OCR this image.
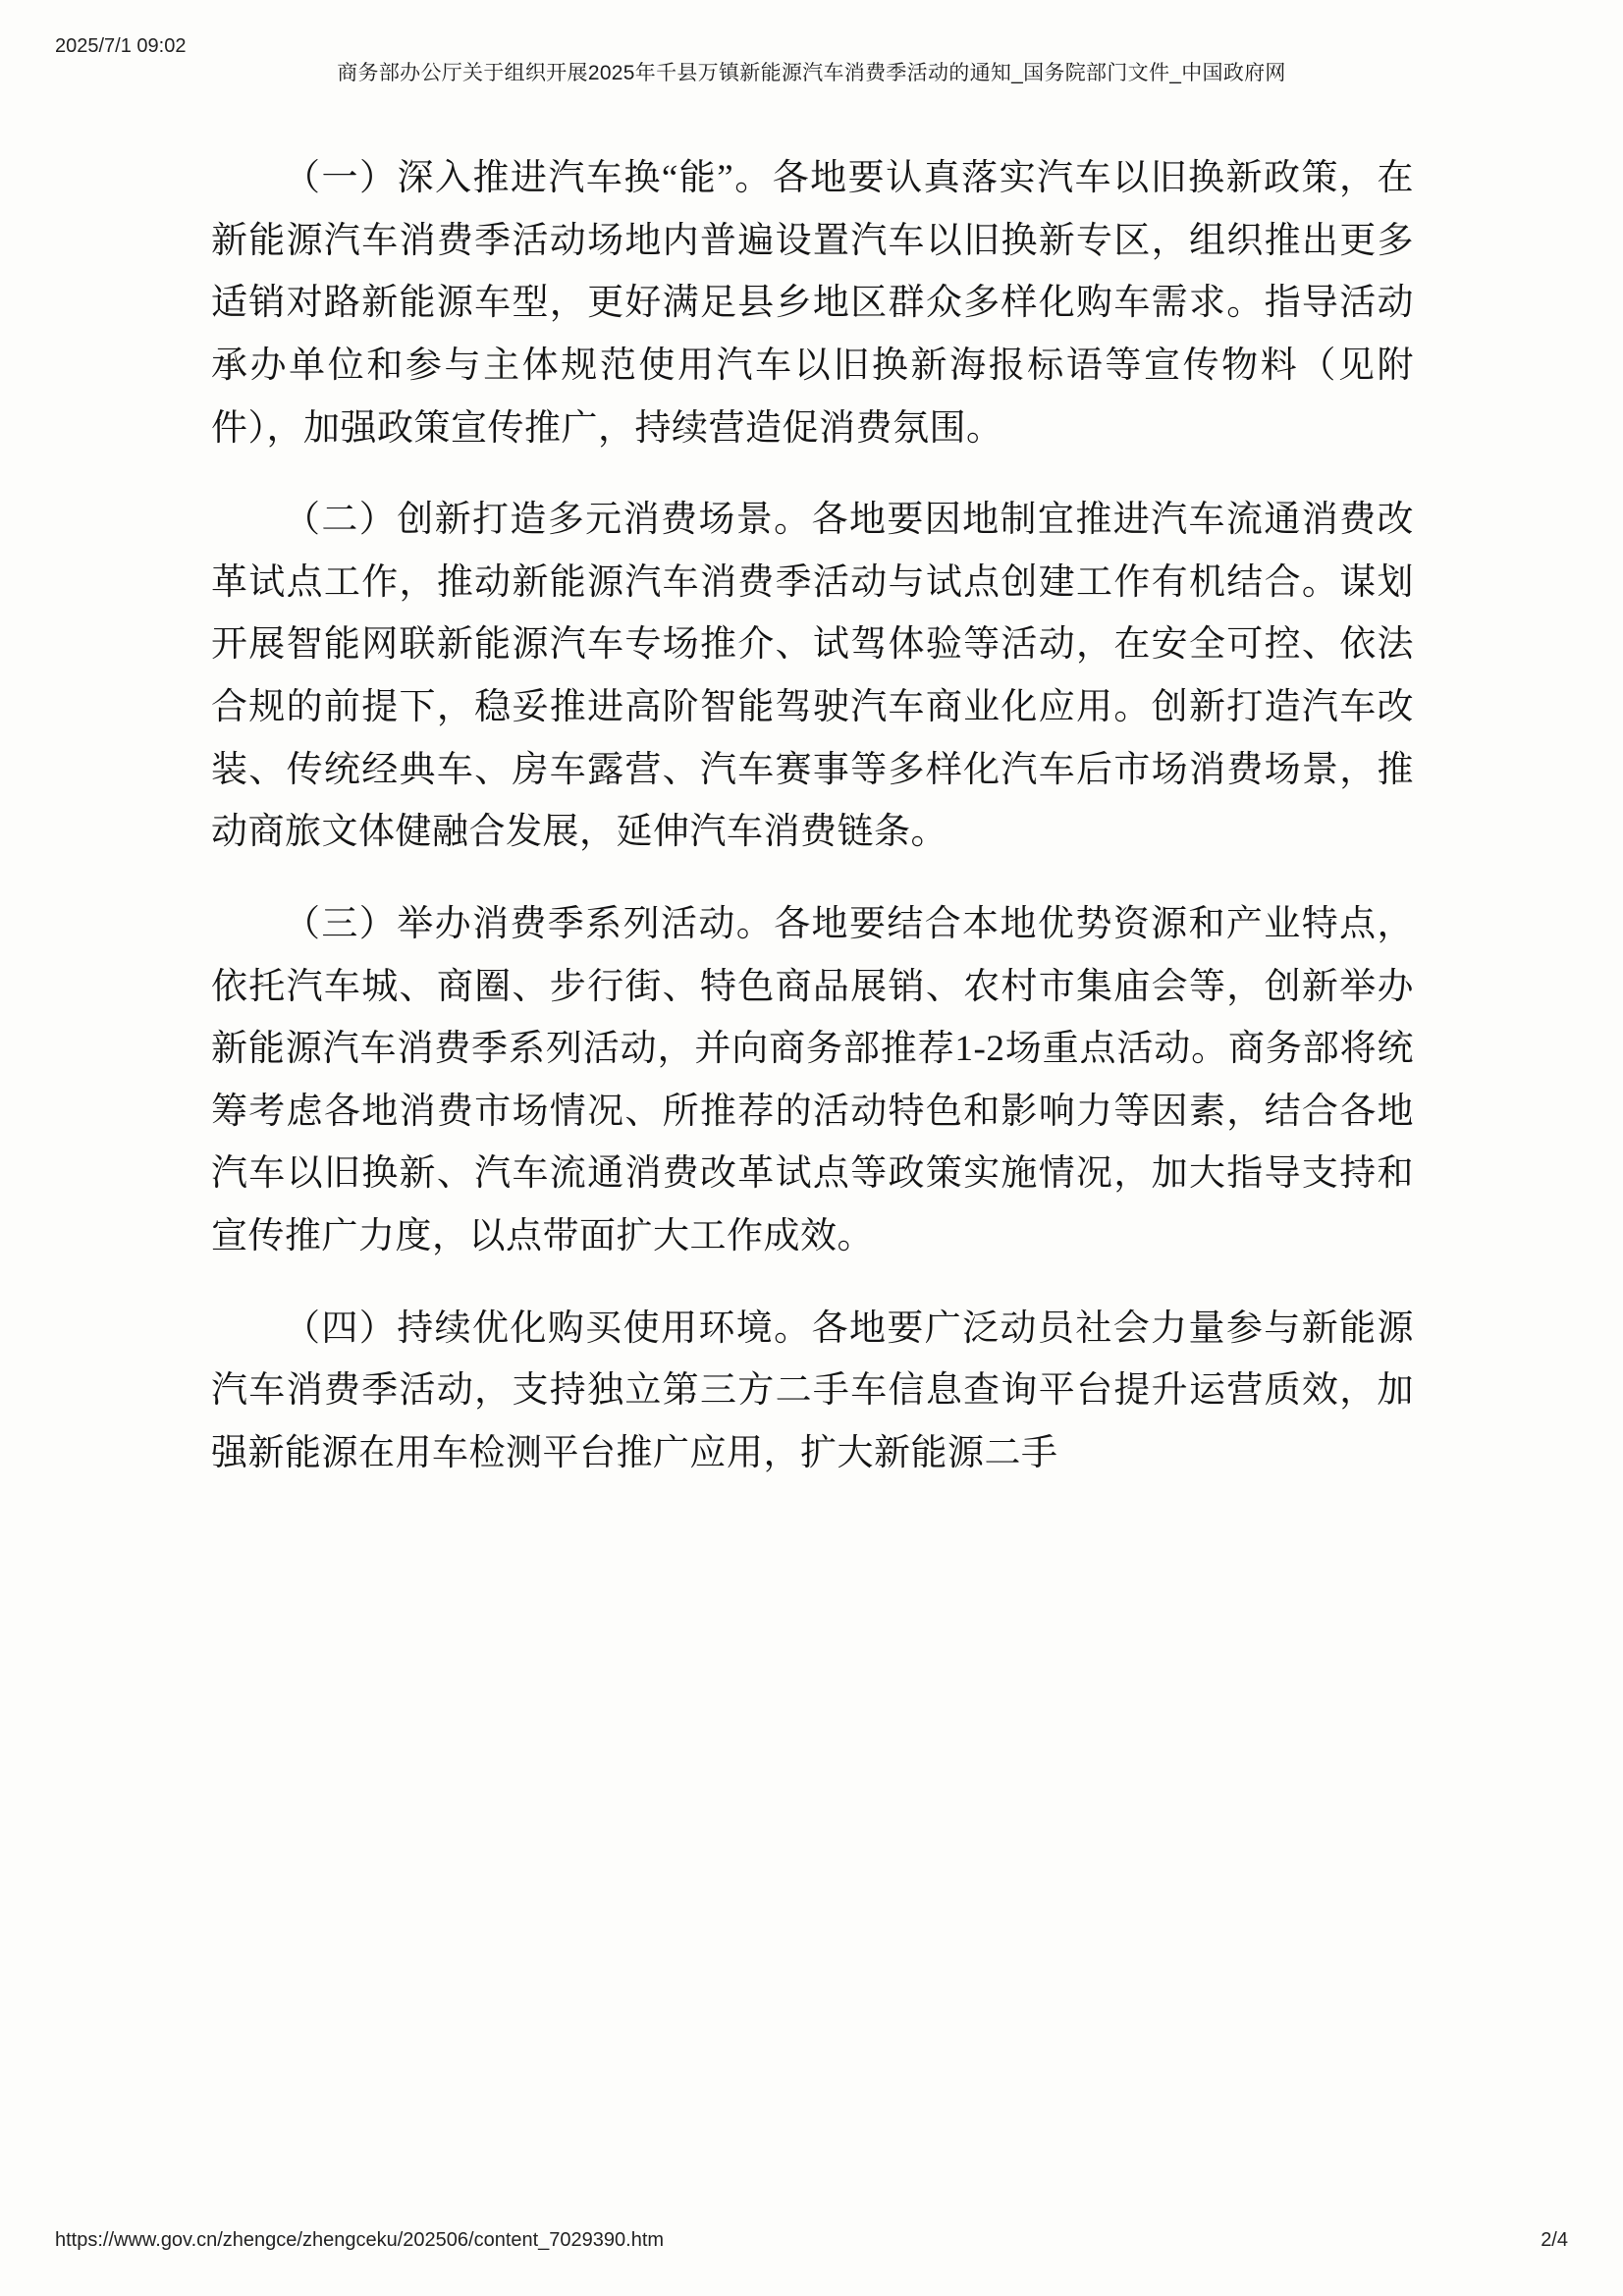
2025/7/1 09:02
商务部办公厅关于组织开展2025年千县万镇新能源汽车消费季活动的通知_国务院部门文件_中国政府网

（一）深入推进汽车换“能”。各地要认真落实汽车以旧换新政策，在新能源汽车消费季活动场地内普遍设置汽车以旧换新专区，组织推出更多适销对路新能源车型，更好满足县乡地区群众多样化购车需求。指导活动承办单位和参与主体规范使用汽车以旧换新海报标语等宣传物料（见附件），加强政策宣传推广，持续营造促消费氛围。

（二）创新打造多元消费场景。各地要因地制宜推进汽车流通消费改革试点工作，推动新能源汽车消费季活动与试点创建工作有机结合。谋划开展智能网联新能源汽车专场推介、试驾体验等活动，在安全可控、依法合规的前提下，稳妥推进高阶智能驾驶汽车商业化应用。创新打造汽车改装、传统经典车、房车露营、汽车赛事等多样化汽车后市场消费场景，推动商旅文体健融合发展，延伸汽车消费链条。

（三）举办消费季系列活动。各地要结合本地优势资源和产业特点，依托汽车城、商圈、步行街、特色商品展销、农村市集庙会等，创新举办新能源汽车消费季系列活动，并向商务部推荐1-2场重点活动。商务部将统筹考虑各地消费市场情况、所推荐的活动特色和影响力等因素，结合各地汽车以旧换新、汽车流通消费改革试点等政策实施情况，加大指导支持和宣传推广力度，以点带面扩大工作成效。

（四）持续优化购买使用环境。各地要广泛动员社会力量参与新能源汽车消费季活动，支持独立第三方二手车信息查询平台提升运营质效，加强新能源在用车检测平台推广应用，扩大新能源二手

https://www.gov.cn/zhengce/zhengceku/202506/content_7029390.htm	2/4
